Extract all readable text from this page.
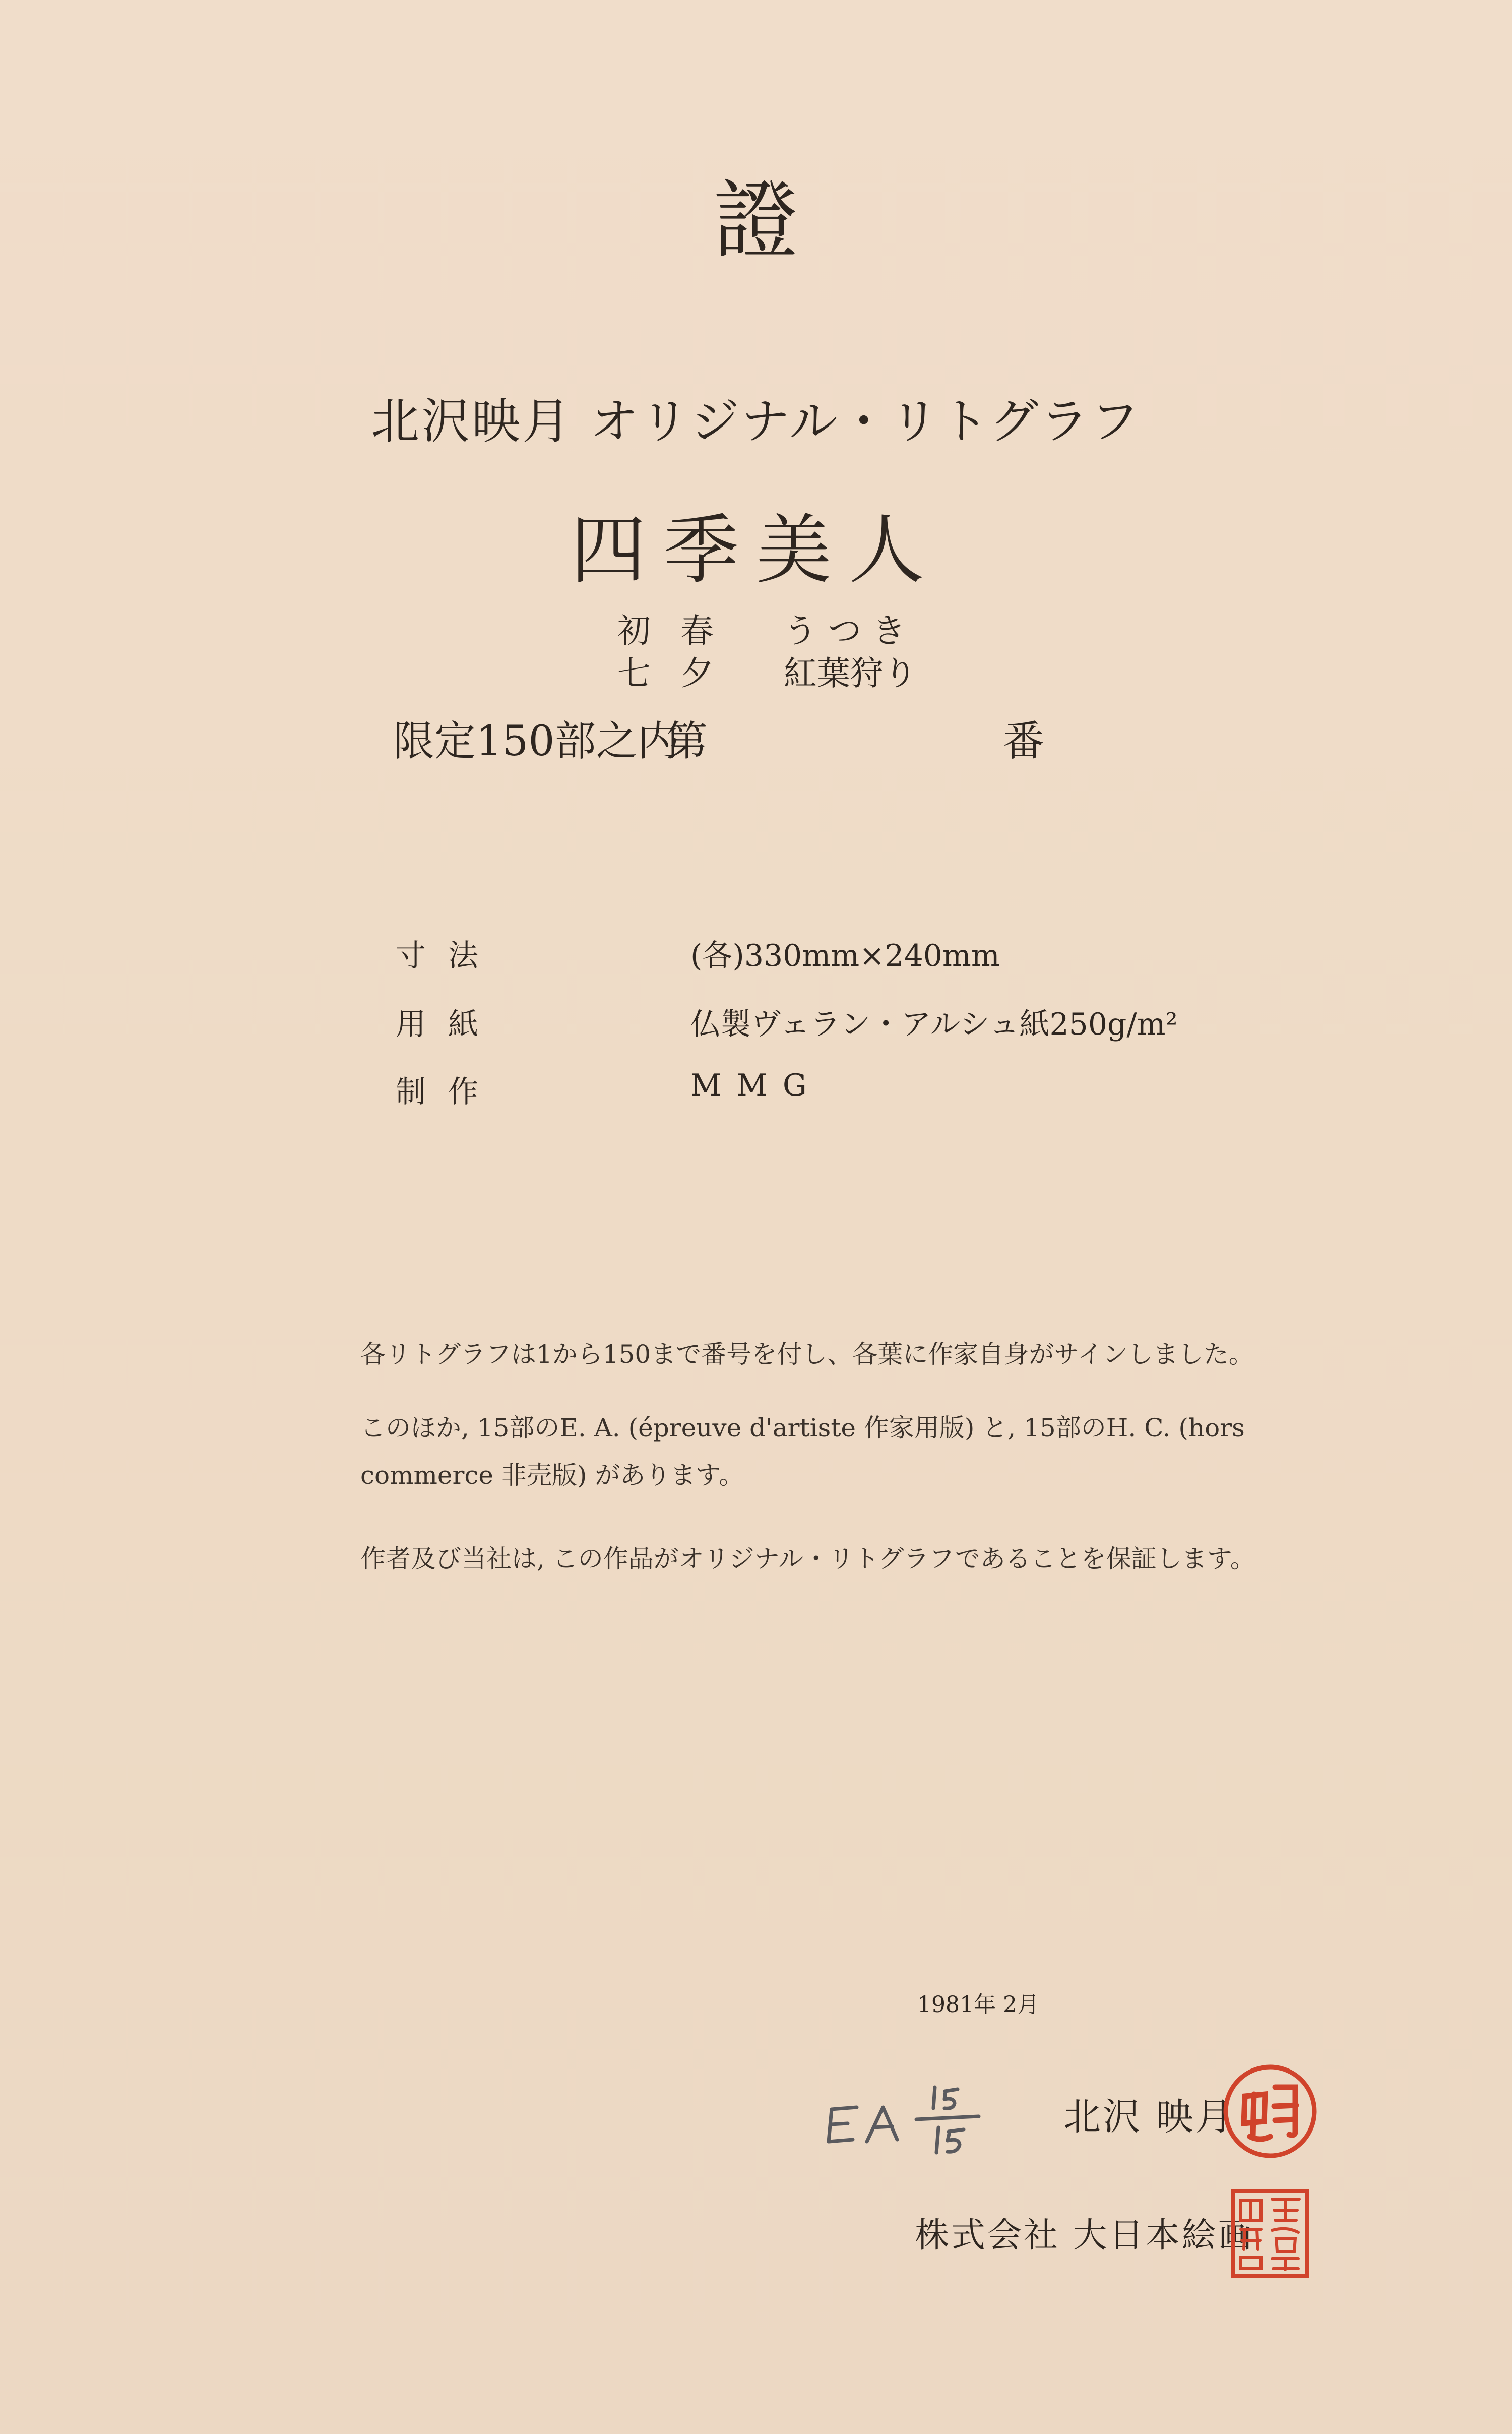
證
北沢映月 オリジナル・リトグラフ
四季美人
初 春	うつき
七 夕	紅葉狩り
限定150部之内
第	番
寸法	(各)330mm×240mm
用紙	仏製ヴェラン・アルシュ紙250g/m²
制作	MMG
各リトグラフは1から150まで番号を付し、各葉に作家自身がサインしました。
このほか, 15部のE. A. (épreuve d'artiste 作家用版) と, 15部のH. C. (hors
commerce 非売版) があります。
作者及び当社は, この作品がオリジナル・リトグラフであることを保証します。
1981年 2月
北沢 映月
株式会社 大日本絵画
